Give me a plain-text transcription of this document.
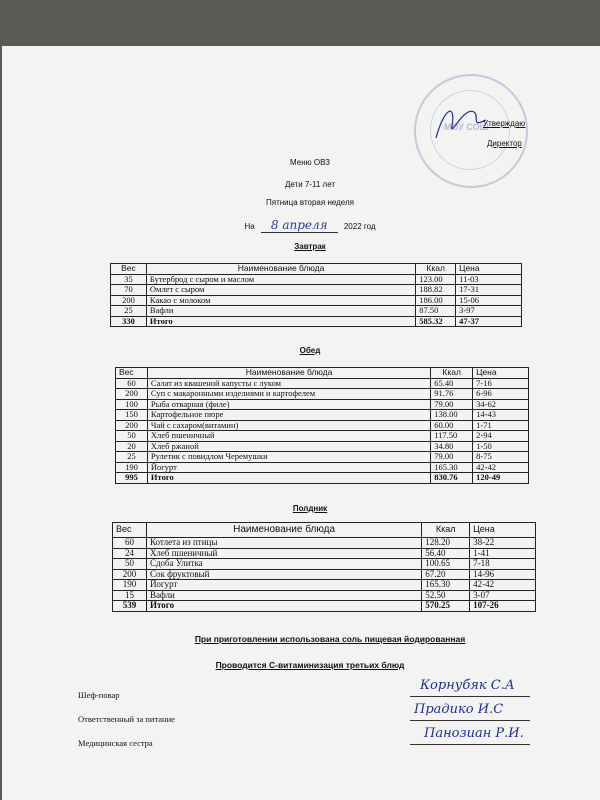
МОУ СОШ
Утверждаю
Директор
Меню ОВЗ
Дети 7-11 лет
Пятница вторая неделя
На 8 апреля 2022 год
Завтрак
Вес	Наименование блюда	Ккал	Цена
35	Бутерброд с сыром и маслом	123.00	11-03
70	Омлет с сыром	188.82	17-31
200	Какао с молоком	186.00	15-06
25	Вафли	87.50	3-97
330	Итого	585.32	47-37
Обед
Вес	Наименование блюда	Ккал	Цена
60	Салат из квашеной капусты с луком	65.40	7-16
200	Суп с макаронными изделиями и картофелем	91.76	6-96
100	Рыба отварная (филе)	79.00	34-62
150	Картофельное пюре	138.00	14-43
200	Чай с сахаром(витамин)	60.00	1-71
50	Хлеб пшеничный	117.50	2-94
20	Хлеб ржаной	34.80	1-50
25	Рулетик с повидлом Черемушки	79.00	8-75
190	Йогурт	165.30	42-42
995	Итого	830.76	120-49
Полдник
Вес	Наименование блюда	Ккал	Цена
60	Котлета из птицы	128.20	38-22
24	Хлеб пшеничный	56.40	1-41
50	Сдоба Улитка	100.65	7-18
200	Сок фруктовый	67.20	14-96
190	Йогурт	165.30	42-42
15	Вафли	52.50	3-07
539	Итого	570.25	107-26
При приготовлении использована соль пищевая йодированная
Проводится С-витаминизация третьих блюд
Шеф-повар
Ответственный за питание
Медицинская сестра
Корнубяк С.А
Прадико И.С
Панозиан Р.И.
